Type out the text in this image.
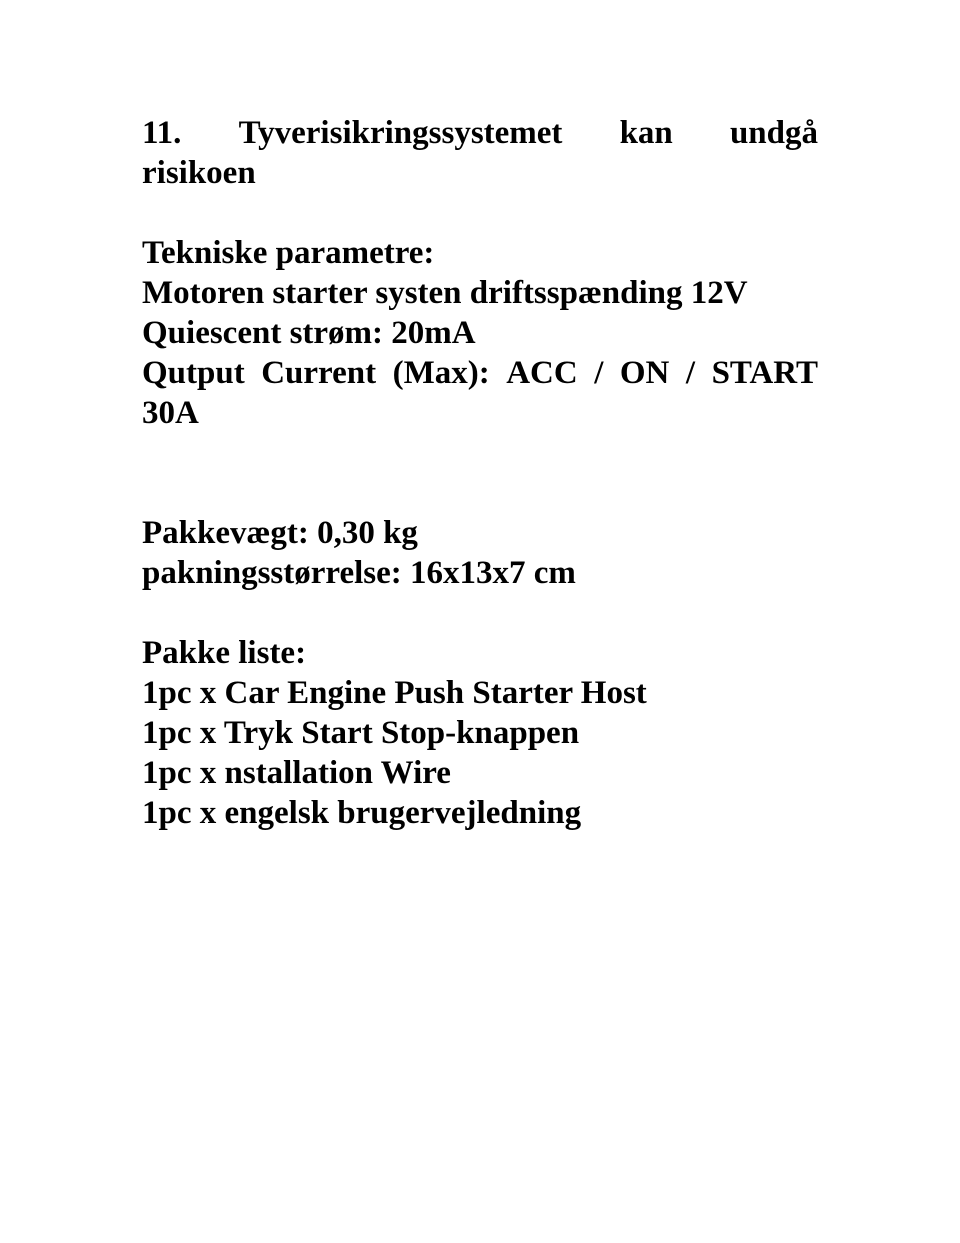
11. Tyverisikringssystemet kan undgå
risikoen
Tekniske parametre:
Motoren starter systen driftsspænding 12V
Quiescent strøm: 20mA
Qutput Current (Max): ACC / ON / START
30A
Pakkevægt: 0,30 kg
pakningsstørrelse: 16x13x7 cm
Pakke liste:
1pc x Car Engine Push Starter Host
1pc x Tryk Start Stop-knappen
1pc x nstallation Wire
1pc x engelsk brugervejledning
